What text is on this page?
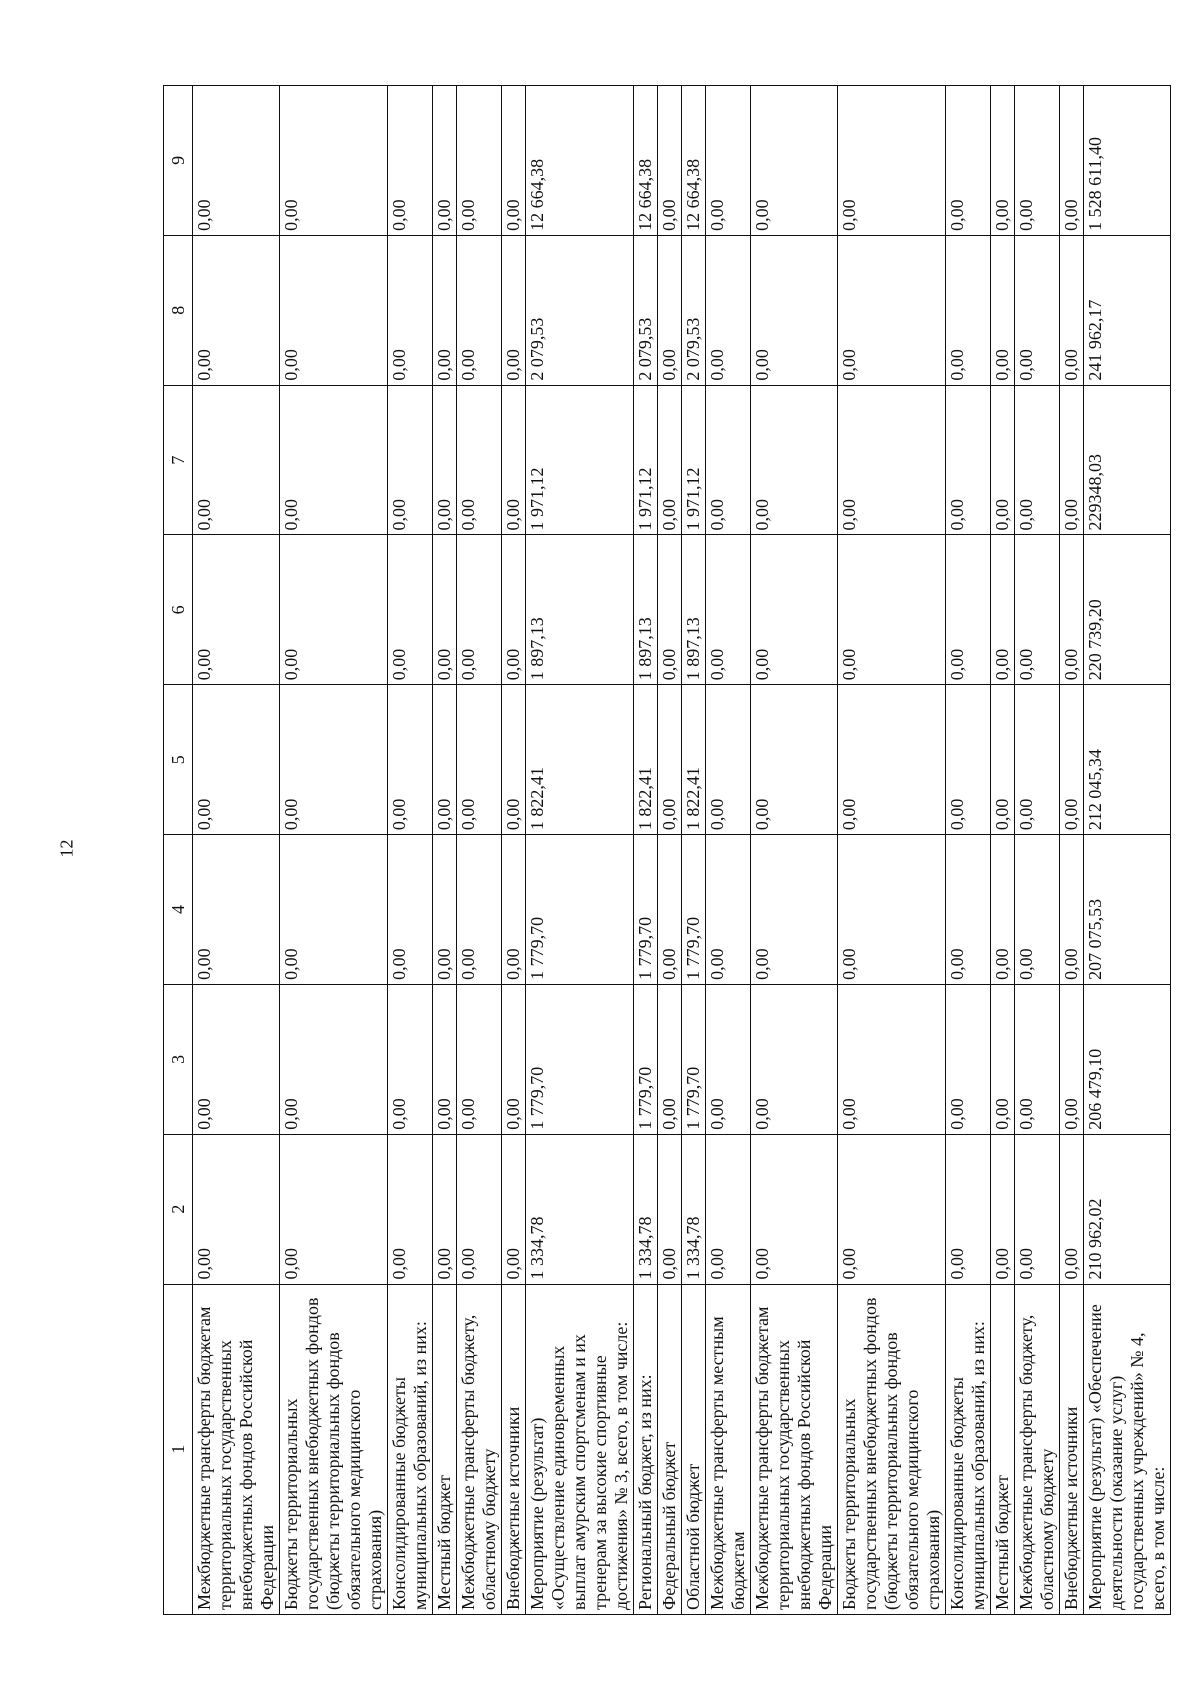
12
1	2	3	4	5	6	7	8	9
Межбюджетные трансферты бюджетам территориальных государственных внебюджетных фондов Российской Федерации	0,00	0,00	0,00	0,00	0,00	0,00	0,00	0,00
Бюджеты территориальных государственных внебюджетных фондов (бюджеты территориальных фондов обязательного медицинского страхования)	0,00	0,00	0,00	0,00	0,00	0,00	0,00	0,00
Консолидированные бюджеты муниципальных образований, из них:	0,00	0,00	0,00	0,00	0,00	0,00	0,00	0,00
Местный бюджет	0,00	0,00	0,00	0,00	0,00	0,00	0,00	0,00
Межбюджетные трансферты бюджету, областному бюджету	0,00	0,00	0,00	0,00	0,00	0,00	0,00	0,00
Внебюджетные источники	0,00	0,00	0,00	0,00	0,00	0,00	0,00	0,00
Мероприятие (результат) «Осуществление единовременных выплат амурским спортсменам и их тренерам за высокие спортивные достижения» № 3, всего, в том числе:	1 334,78	1 779,70	1 779,70	1 822,41	1 897,13	1 971,12	2 079,53	12 664,38
Региональный бюджет, из них:	1 334,78	1 779,70	1 779,70	1 822,41	1 897,13	1 971,12	2 079,53	12 664,38
Федеральный бюджет	0,00	0,00	0,00	0,00	0,00	0,00	0,00	0,00
Областной бюджет	1 334,78	1 779,70	1 779,70	1 822,41	1 897,13	1 971,12	2 079,53	12 664,38
Межбюджетные трансферты местным бюджетам	0,00	0,00	0,00	0,00	0,00	0,00	0,00	0,00
Межбюджетные трансферты бюджетам территориальных государственных внебюджетных фондов Российской Федерации	0,00	0,00	0,00	0,00	0,00	0,00	0,00	0,00
Бюджеты территориальных государственных внебюджетных фондов (бюджеты территориальных фондов обязательного медицинского страхования)	0,00	0,00	0,00	0,00	0,00	0,00	0,00	0,00
Консолидированные бюджеты муниципальных образований, из них:	0,00	0,00	0,00	0,00	0,00	0,00	0,00	0,00
Местный бюджет	0,00	0,00	0,00	0,00	0,00	0,00	0,00	0,00
Межбюджетные трансферты бюджету, областному бюджету	0,00	0,00	0,00	0,00	0,00	0,00	0,00	0,00
Внебюджетные источники	0,00	0,00	0,00	0,00	0,00	0,00	0,00	0,00
Мероприятие (результат) «Обеспечение деятельности (оказание услуг) государственных учреждений» № 4, всего, в том числе:	210 962,02	206 479,10	207 075,53	212 045,34	220 739,20	229348,03	241 962,17	1 528 611,40
